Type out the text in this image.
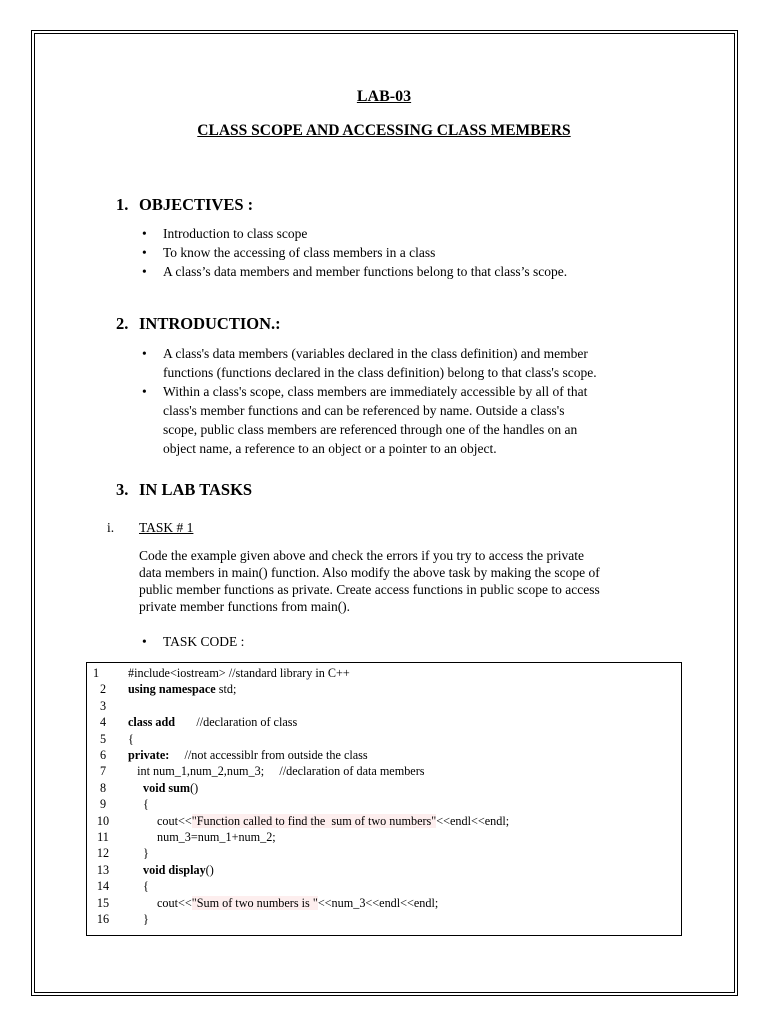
LAB-03
CLASS SCOPE AND ACCESSING CLASS MEMBERS
1. OBJECTIVES :
• Introduction to class scope
• To know the accessing of class members in a class
• A class’s data members and member functions belong to that class’s scope.
2. INTRODUCTION.:
• A class's data members (variables declared in the class definition) and member
functions (functions declared in the class definition) belong to that class's scope.
• Within a class's scope, class members are immediately accessible by all of that
class's member functions and can be referenced by name. Outside a class's
scope, public class members are referenced through one of the handles on an
object name, a reference to an object or a pointer to an object.
3. IN LAB TASKS
i. TASK # 1

Code the example given above and check the errors if you try to access the private
data members in main() function. Also modify the above task by making the scope of
public member functions as private. Create access functions in public scope to access
private member functions from main().

• TASK CODE :
1	#include<iostream> //standard library in C++
2	using namespace std;
3
4	class add       //declaration of class
5	{
6	private:     //not accessiblr from outside the class
7	int num_1,num_2,num_3;     //declaration of data members
8	void sum()
9	{
10	cout<<"Function called to find the  sum of two numbers"<<endl<<endl;
11	num_3=num_1+num_2;
12	}
13	void display()
14	{
15	cout<<"Sum of two numbers is "<<num_3<<endl<<endl;
16	}
